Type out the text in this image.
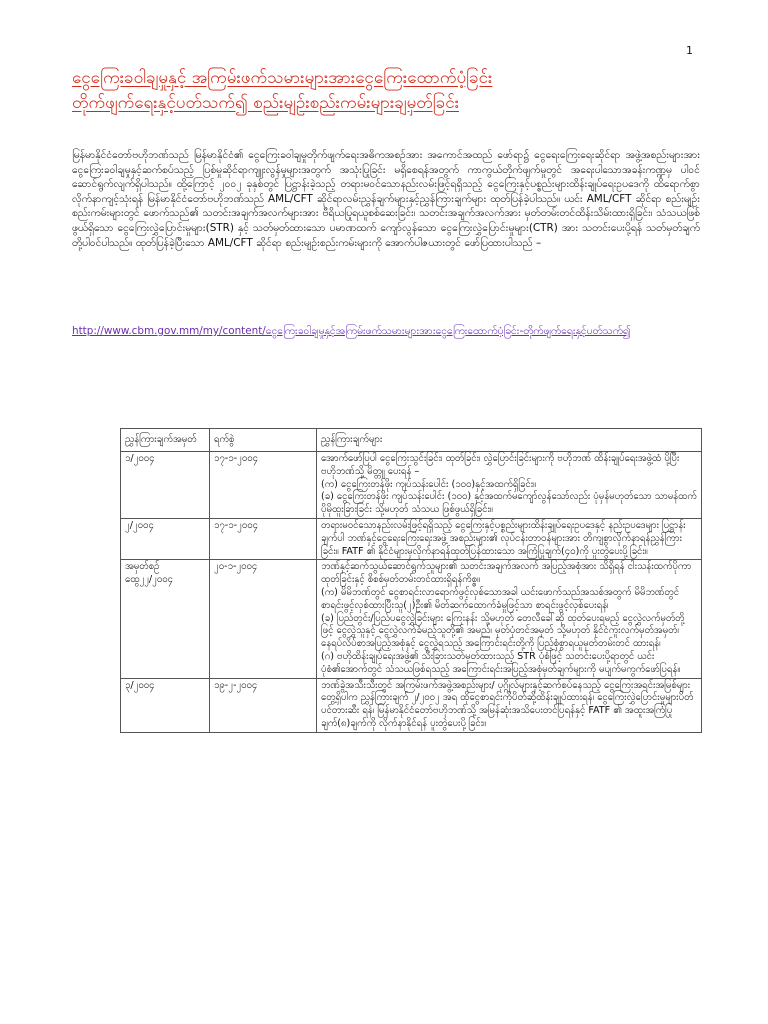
1
ငွေကြေးခဝါချမှုနှင့် အကြမ်းဖက်သမားများအားငွေကြေးထောက်ပံ့ခြင်း
တိုက်ဖျက်ရေးနှင့်ပတ်သက်၍ စည်းမျဉ်းစည်းကမ်းများချမှတ်ခြင်း

မြန်မာနိုင်ငံတော်ဗဟိုဘဏ်သည် မြန်မာနိုင်ငံ၏ ငွေကြေးခဝါချမှုတိုက်ဖျက်ရေးအဓိကအစဉ်အား အကောင်အထည် ဖော်ရာ၌ ငွေရေးကြေးရေးဆိုင်ရာ အဖွဲ့အစည်းများအား ငွေကြေးခဝါချမှုနှင့်ဆက်စပ်သည့် ပြစ်မှုဆိုင်ရာကျူးလွန်မှုများအတွက် အသုံးပြုခြင်း မရှိစေရန်အတွက် ကာကွယ်တိုက်ဖျက်မှုတွင် အရေးပါသောအခန်းကဏ္ဍမှ ပါဝင်ဆောင်ရွက်လျက်ရှိပါသည်။ ထို့ကြောင့် ၂၀၀၂ ခုနှစ်တွင် ပြဋ္ဌာန်းခဲ့သည့် တရားမဝင်သောနည်းလမ်းဖြင့်ရရှိသည့် ငွေကြေးနှင့်ပစ္စည်းများထိန်းချုပ်ရေးဥပဒေကို ထိရောက်စွာလိုက်နာကျင့်သုံးရန် မြန်မာနိုင်ငံတော်ဗဟိုဘဏ်သည် AML/CFT ဆိုင်ရာလမ်းညွှန်ချက်များနှင့်ညွှန်ကြားချက်များ ထုတ်ပြန်ခဲ့ပါသည်။ ယင်း AML/CFT ဆိုင်ရာ စည်းမျဉ်းစည်းကမ်းများတွင် ဖောက်သည်၏ သတင်းအချက်အလက်များအား ဗီရိယပြုရယူစစ်ဆေးခြင်း၊ သတင်းအချက်အလက်အား မှတ်တမ်းတင်ထိန်းသိမ်းထားရှိခြင်း၊ သံသယဖြစ်ဖွယ်ရှိသော ငွေကြေးလွှဲပြောင်းမှုများ(STR) နှင့် သတ်မှတ်ထားသော ပမာဏထက် ကျော်လွန်သော ငွေကြေးလွှဲပြောင်းမှုများ(CTR) အား သတင်းပေးပို့ရန် သတ်မှတ်ချက်တို့ပါဝင်ပါသည်။ ထုတ်ပြန်ခဲ့ပြီးသော AML/CFT ဆိုင်ရာ စည်းမျဉ်းစည်းကမ်းများကို အောက်ပါဇယားတွင် ဖော်ပြထားပါသည် –

http://www.cbm.gov.mm/my/content/ငွေကြေးခဝါချမှုနှင့်အကြမ်းဖက်သမားများအားငွေကြေးထောက်ပံ့ခြင်း-တိုက်ဖျက်ရေးနှင့်ပတ်သက်၍
ညွှန်ကြားချက်အမှတ်	ရက်စွဲ	ညွှန်ကြားချက်များ
၁/၂၀၀၄	၁၇-၁-၂၀၀၄	အောက်ဖော်ပြပါ ငွေကြေးသွင်းခြင်း၊ ထုတ်ခြင်း၊ လွှဲပြောင်းခြင်းများကို ဗဟိုဘဏ် ထိန်းချုပ်ရေးအဖွဲ့ထံ ပို့ပြီး ဗဟိုဘဏ်သို့ မိတ္တူ ပေးရန် –

(က) ငွေကြေးတန်ဖိုး ကျပ်သန်းပေါင်း (၁၀၀)နှင့်အထက်ရှိခြင်း။

(ခ) ငွေကြေးတန်ဖိုး ကျပ်သန်းပေါင်း (၁၀၀) နှင့်အထက်မကျော်လွန်သော်လည်း ပုံမှန်မဟုတ်သော သာမန်ထက်ပိုမိုထူးခြားခြင်း သို့မဟုတ် သံသယ ဖြစ်ဖွယ်ရှိခြင်း။

၂/၂၀၀၄	၁၇-၁-၂၀၀၄	တရားမဝင်သောနည်းလမ်းဖြင့်ရရှိသည့် ငွေကြေးနှင့်ပစ္စည်းများထိန်းချုပ်ရေးဥပဒေနှင့် နည်းဥပဒေများ ပြဋ္ဌာန်းချက်ပါ ဘဏ်နှင့်ငွေရေးကြေးရေးအဖွဲ့ အစည်းများ၏ လုပ်ငန်းတာဝန်များအား တိကျစွာလိုက်နာရန်ညွှန်ကြားခြင်း။ FATF ၏ နိုင်ငံများမှလိုက်နာရန်ထုတ်ပြန်ထားသော အကြံပြုချက်(၄၀)ကို ပူးတွဲပေးပို့ခြင်း။

အမှတ်စဉ်ထွေ၂၂/၂၀၀၄	၂၀-၁-၂၀၀၄	ဘဏ်နှင့်ဆက်သွယ်ဆောင်ရွက်သူများ၏ သတင်းအချက်အလက် အပြည့်အစုံအား သိရှိရန် ငါးသန်းထက်ပိုကာ ထုတ်ခြင်းနှင့် စိစစ်မှတ်တမ်းတင်ထားရှိရန်ကိစ္စ။

(က) မိမိဘဏ်တွင် ငွေစာရင်းလာရောက်ဖွင့်လှစ်သောအခါ ယင်းဖောက်သည်အသစ်အတွက် မိမိဘဏ်တွင် စာရင်းဖွင့်လှစ်ထားပြီးသူ(၂)ဦး၏ မိတ်ဆက်ထောက်ခံမှုဖြင့်သာ စာရင်းဖွင့်လှစ်ပေးရန်၊

(ခ) ပြည်တွင်း/ပြည်ပငွေလွှဲခြင်းများ ကြေးနန်း သို့မဟုတ် တေလီခေါ်ဆို ထုတ်ပေးရမည့် ငွေလွှဲလက်မှတ်တို့ဖြင့် ငွေလွှဲသူနှင့် ငွေလွှဲလက်ခံမည့်သူတို့၏ အမည်၊ မှတ်ပုံတင်အမှတ် သို့မဟုတ် နိုင်ငံကူးလက်မှတ်အမှတ်၊ နေရပ်လိပ်စာအပြည့်အစုံနှင့် ငွေလွှဲရသည့် အကြောင်းရင်းတို့ကို ပြည့်စုံစွာရယူမှတ်တမ်းတင် ထားရန်၊

(ဂ) ဗဟိုထိန်းချုပ်ရေးအဖွဲ့၏ သီးခြားသတ်မှတ်ထားသည့် STR ပုံစံဖြင့် သတင်းပေးပို့ရာတွင် ယင်းပုံစံ၏အောက်တွင် သံသယဖြစ်ရသည့် အကြောင်းရင်းအပြည့်အစုံမှတ်ချက်များကို မပျက်မကွက်ဖော်ပြရန်။

၃/၂၀၀၄	၁၉-၂-၂၀၀၄	ဘဏ်ခွဲအသီးသီးတွင် အကြမ်းဖက်အဖွဲ့အစည်းများ/ ပုဂ္ဂိုလ်များနှင့်ဆက်စပ်နေသည့် ငွေကြေးအရင်းအမြစ်များတွေ့ရှိပါက ညွှန်ကြားချက် ၂/၂၀၀၂ အရ ထိုငွေစာရင်းကိုပိတ်ဆို့ထိန်းချုပ်ထားရန်၊ ငွေကြေးလွှဲပြောင်းမှုများပိတ်ပင်တားဆီး ရန်၊ မြန်မာနိုင်ငံတော်ဗဟိုဘဏ်သို့ အမြန်ဆုံးအသိပေးတင်ပြရန်နှင့် FATF ၏ အထူးအကြံပြုချက်(၈)ချက်ကို လိုက်နာနိုင်ရန် ပူးတွဲပေးပို့ခြင်း။
